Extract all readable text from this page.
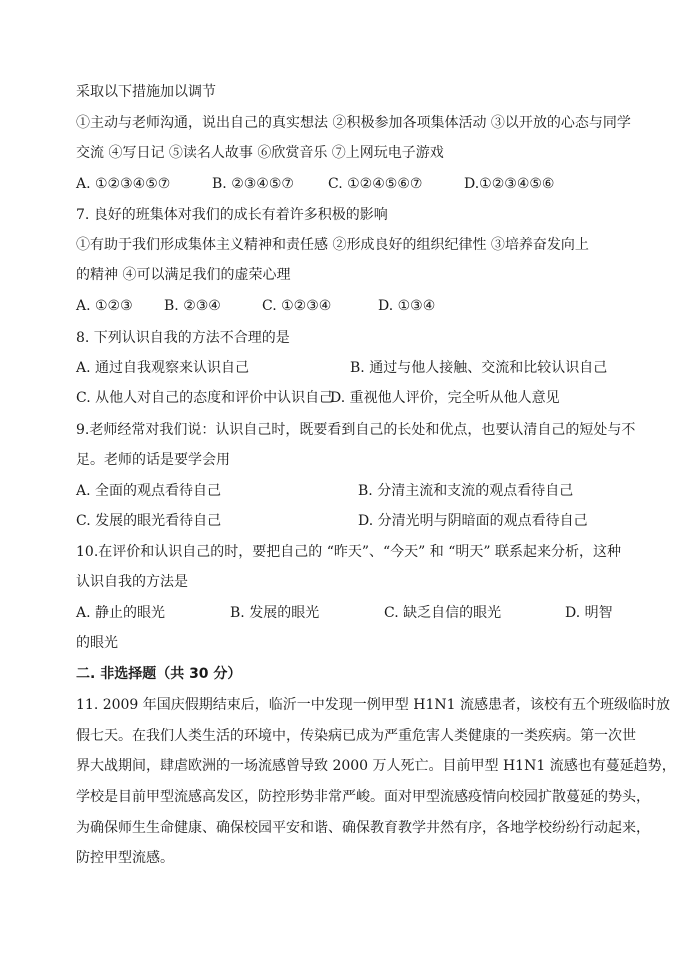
采取以下措施加以调节
①主动与老师沟通，说出自己的真实想法 ②积极参加各项集体活动 ③以开放的心态与同学
交流 ④写日记 ⑤读名人故事 ⑥欣赏音乐 ⑦上网玩电子游戏
A. ①②③④⑤⑦	B. ②③④⑤⑦ C. ①②④⑤⑥⑦	D.①②③④⑤⑥
7. 良好的班集体对我们的成长有着许多积极的影响
①有助于我们形成集体主义精神和责任感 ②形成良好的组织纪律性 ③培养奋发向上
的精神 ④可以满足我们的虚荣心理
A. ①②③ B. ②③④	C. ①②③④	D. ①③④
8. 下列认识自我的方法不合理的是
A. 通过自我观察来认识自己	B. 通过与他人接触、交流和比较认识自己
C. 从他人对自己的态度和评价中认识自己
D. 重视他人评价，完全听从他人意见
9.老师经常对我们说：认识自己时，既要看到自己的长处和优点，也要认清自己的短处与不
足。老师的话是要学会用
A. 全面的观点看待自己	B. 分清主流和支流的观点看待自己
C. 发展的眼光看待自己	D. 分清光明与阴暗面的观点看待自己
10.在评价和认识自己的时，要把自己的 “昨天”、“今天” 和 “明天” 联系起来分析，这种
认识自我的方法是
A. 静止的眼光	B. 发展的眼光	C. 缺乏自信的眼光	D. 明智
的眼光
二. 非选择题（共 30 分）
11. 2009 年国庆假期结束后，临沂一中发现一例甲型 H1N1 流感患者，该校有五个班级临时放
假七天。在我们人类生活的环境中，传染病已成为严重危害人类健康的一类疾病。第一次世
界大战期间，肆虐欧洲的一场流感曾导致 2000 万人死亡。目前甲型 H1N1 流感也有蔓延趋势，
学校是目前甲型流感高发区，防控形势非常严峻。面对甲型流感疫情向校园扩散蔓延的势头，
为确保师生生命健康、确保校园平安和谐、确保教育教学井然有序，各地学校纷纷行动起来，
防控甲型流感。
